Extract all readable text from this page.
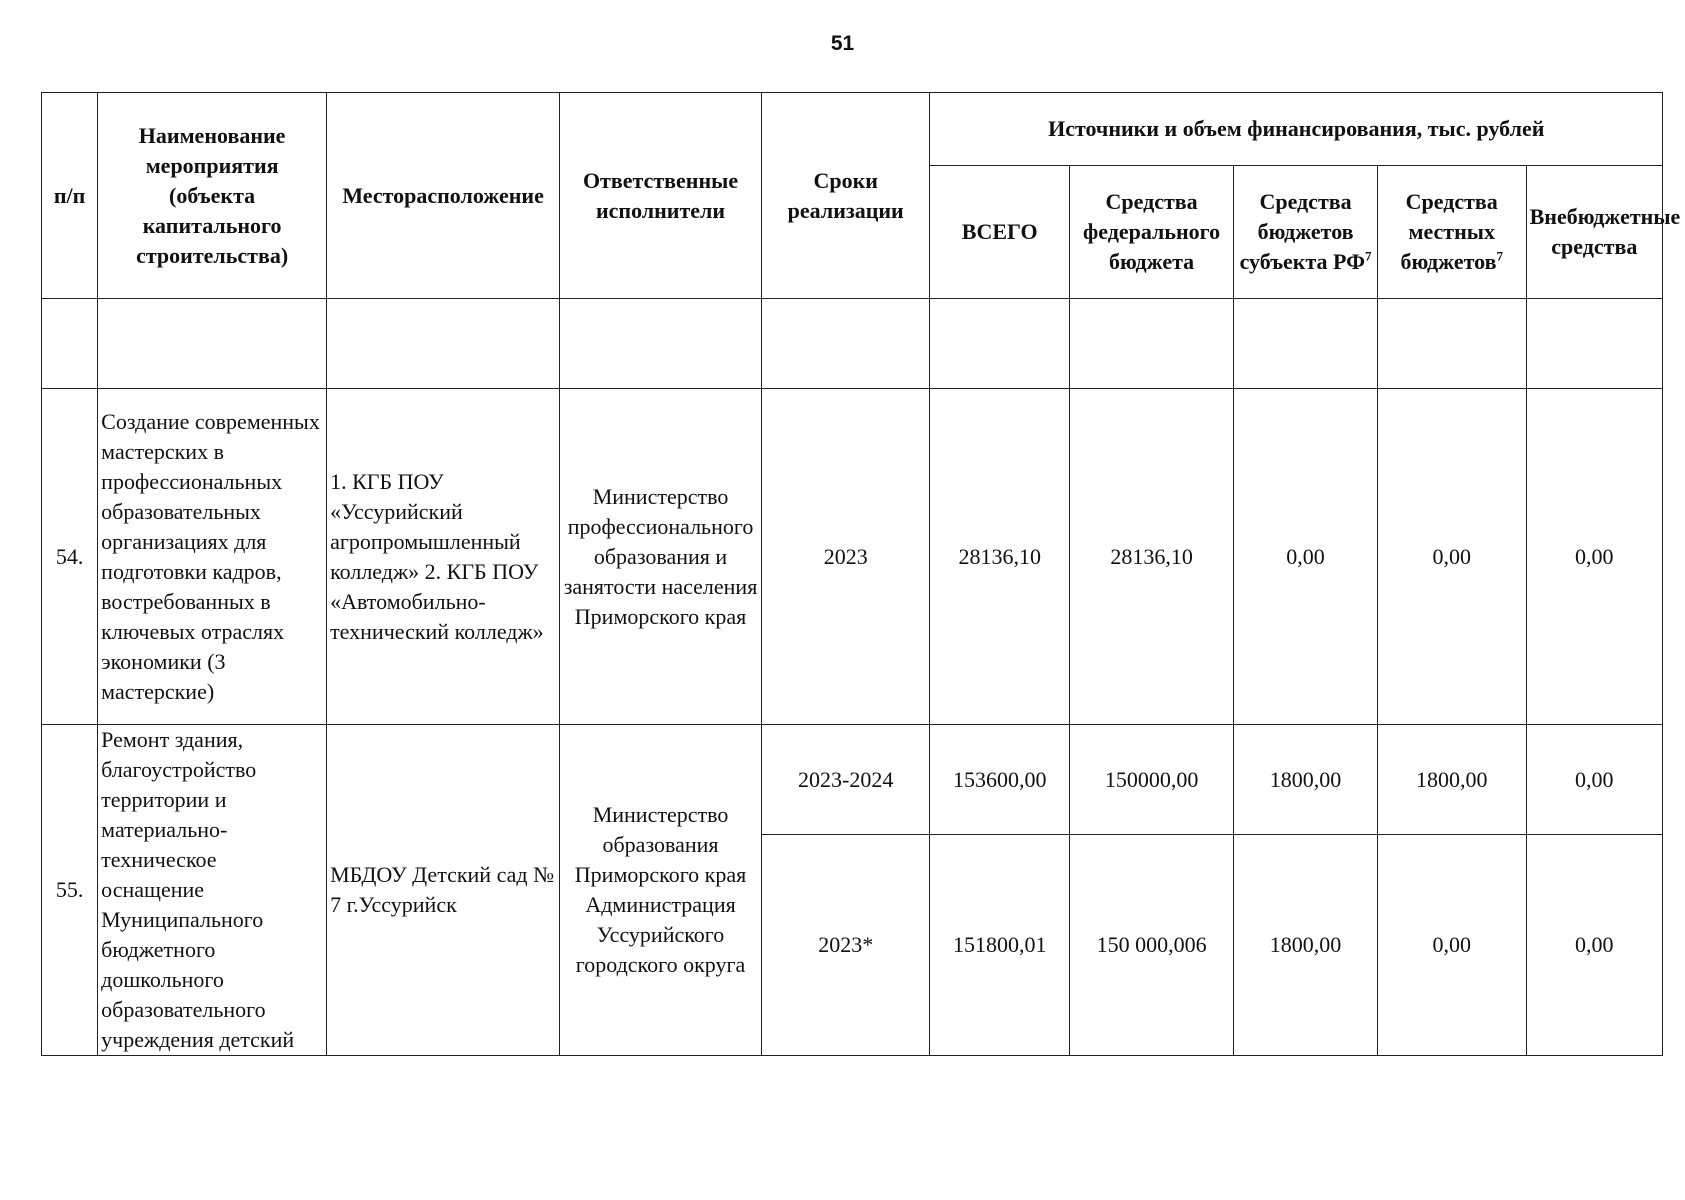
51
п/п	Наименование мероприятия (объекта капитального строительства)	Месторасположение	Ответственные исполнители	Сроки реализации	Источники и объем финансирования, тыс. рублей				
					ВСЕГО	Средства федерального бюджета	Средства бюджетов субъекта $РФ^7$	Средства местных бюджетов$^7$	Внебюджетные средства

54.	Создание современных мастерских в профессиональных образовательных организациях для подготовки кадров, востребованных в ключевых отраслях экономики (3 мастерские)	1. КГБ ПОУ «Уссурийский агропромышленный колледж» 2. КГБ ПОУ «Автомобильно-технический колледж»	Министерство профессионального образования и занятости населения Приморского края	2023	28136,10	28136,10	0,00	0,00	0,00
55.	Ремонт здания, благоустройство территории и материально-техническое оснащение Муниципального бюджетного дошкольного образовательного учреждения детский	МБДОУ Детский сад № 7 г.Уссурийск	Министерство образования Приморского края Администрация Уссурийского городского округа	2023-2024	153600,00	150000,00	1800,00	1800,00	0,00
				2023*	151800,01	150 000,006	1800,00	0,00	0,00
